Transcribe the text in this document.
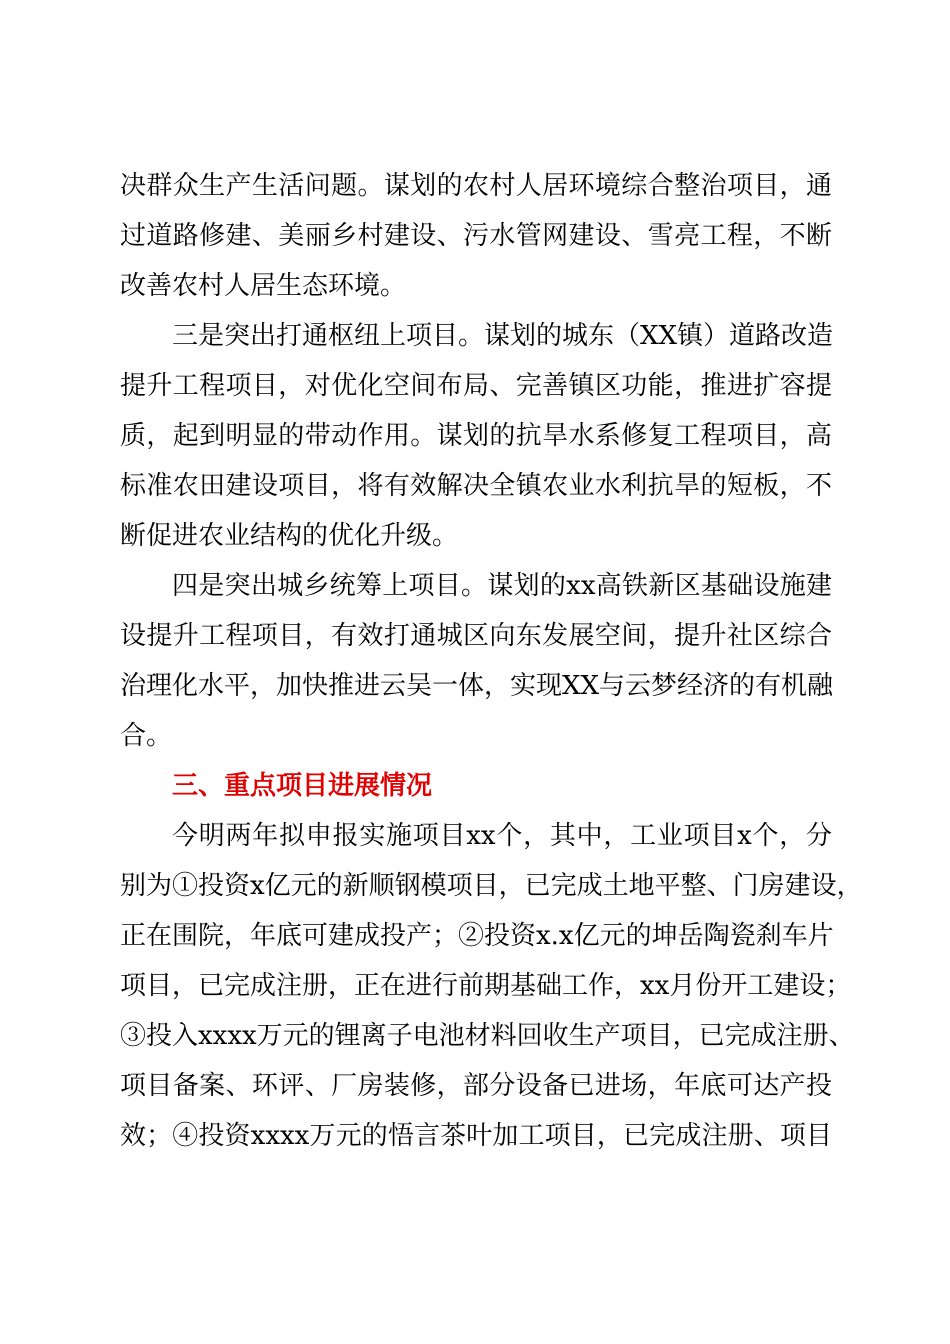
决群众生产生活问题。谋划的农村人居环境综合整治项目，通
过道路修建、美丽乡村建设、污水管网建设、雪亮工程，不断
改善农村人居生态环境。
三是突出打通枢纽上项目。谋划的城东（XX镇）道路改造
提升工程项目，对优化空间布局、完善镇区功能，推进扩容提
质，起到明显的带动作用。谋划的抗旱水系修复工程项目，高
标准农田建设项目，将有效解决全镇农业水利抗旱的短板，不
断促进农业结构的优化升级。
四是突出城乡统筹上项目。谋划的xx高铁新区基础设施建
设提升工程项目，有效打通城区向东发展空间，提升社区综合
治理化水平，加快推进云吴一体，实现XX与云梦经济的有机融
合。
三、重点项目进展情况
今明两年拟申报实施项目xx个，其中，工业项目x个，分
别为①投资x亿元的新顺钢模项目，已完成土地平整、门房建设，
正在围院，年底可建成投产；②投资x.x亿元的坤岳陶瓷刹车片
项目，已完成注册，正在进行前期基础工作，xx月份开工建设；
③投入xxxx万元的锂离子电池材料回收生产项目，已完成注册、
项目备案、环评、厂房装修，部分设备已进场，年底可达产投
效；④投资xxxx万元的悟言茶叶加工项目，已完成注册、项目
